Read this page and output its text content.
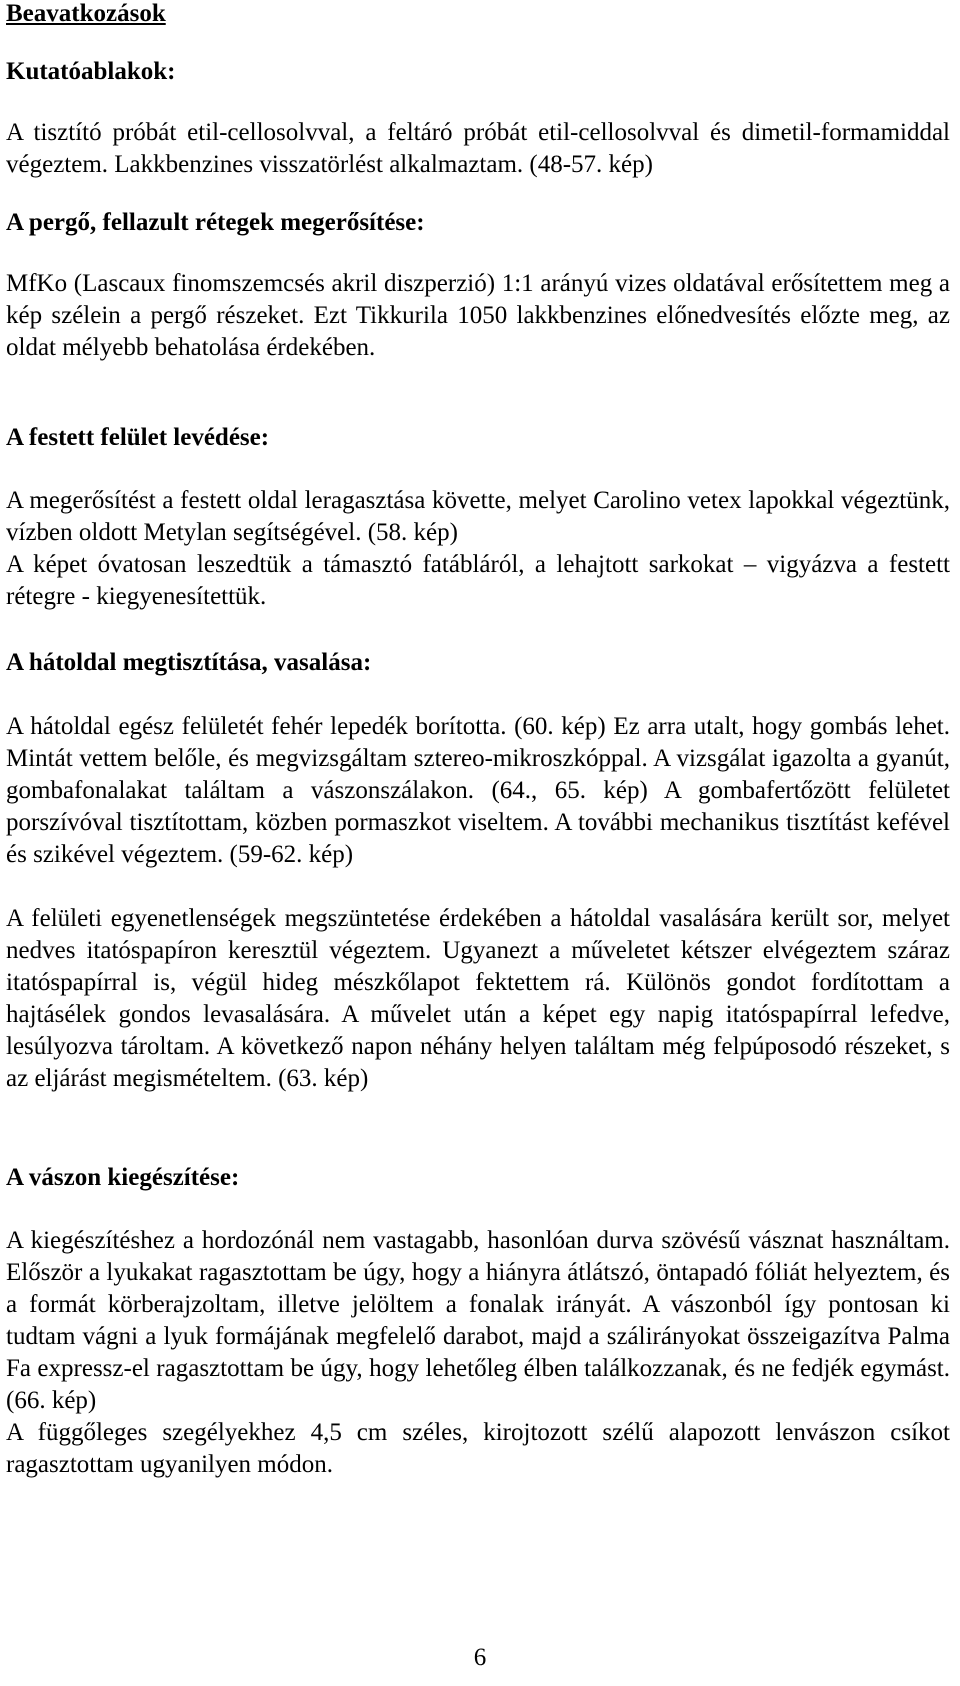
Beavatkozások
Kutatóablakok:

A tisztító próbát etil-cellosolvval, a feltáró próbát etil-cellosolvval és dimetil-formamiddal végeztem. Lakkbenzines visszatörlést alkalmaztam. (48-57. kép)

A pergő, fellazult rétegek megerősítése:

MfKo (Lascaux finomszemcsés akril diszperzió) 1:1 arányú vizes oldatával erősítettem meg a kép szélein a pergő részeket. Ezt Tikkurila 1050 lakkbenzines előnedvesítés előzte meg, az oldat mélyebb behatolása érdekében.

A festett felület levédése:

A megerősítést a festett oldal leragasztása követte, melyet Carolino vetex lapokkal végeztünk, vízben oldott Metylan segítségével. (58. kép)

A képet óvatosan leszedtük a támasztó fatábláról, a lehajtott sarkokat – vigyázva a festett rétegre - kiegyenesítettük.

A hátoldal megtisztítása, vasalása:

A hátoldal egész felületét fehér lepedék borította. (60. kép) Ez arra utalt, hogy gombás lehet. Mintát vettem belőle, és megvizsgáltam sztereo-mikroszkóppal. A vizsgálat igazolta a gyanút, gombafonalakat találtam a vászonszálakon. (64., 65. kép) A gombafertőzött felületet porszívóval tisztítottam, közben pormaszkot viseltem. A további mechanikus tisztítást kefével és szikével végeztem. (59-62. kép)

A felületi egyenetlenségek megszüntetése érdekében a hátoldal vasalására került sor, melyet nedves itatóspapíron keresztül végeztem. Ugyanezt a műveletet kétszer elvégeztem száraz itatóspapírral is, végül hideg mészkőlapot fektettem rá. Különös gondot fordítottam a hajtásélek gondos levasalására. A művelet után a képet egy napig itatóspapírral lefedve, lesúlyozva tároltam. A következő napon néhány helyen találtam még felpúposodó részeket, s az eljárást megismételtem. (63. kép)

A vászon kiegészítése:

A kiegészítéshez a hordozónál nem vastagabb, hasonlóan durva szövésű vásznat használtam. Először a lyukakat ragasztottam be úgy, hogy a hiányra átlátszó, öntapadó fóliát helyeztem, és a formát körberajzoltam, illetve jelöltem a fonalak irányát. A vászonból így pontosan ki tudtam vágni a lyuk formájának megfelelő darabot, majd a szálirányokat összeigazítva Palma Fa expressz-el ragasztottam be úgy, hogy lehetőleg élben találkozzanak, és ne fedjék egymást. (66. kép)

A függőleges szegélyekhez 4,5 cm széles, kirojtozott szélű alapozott lenvászon csíkot ragasztottam ugyanilyen módon.

6
